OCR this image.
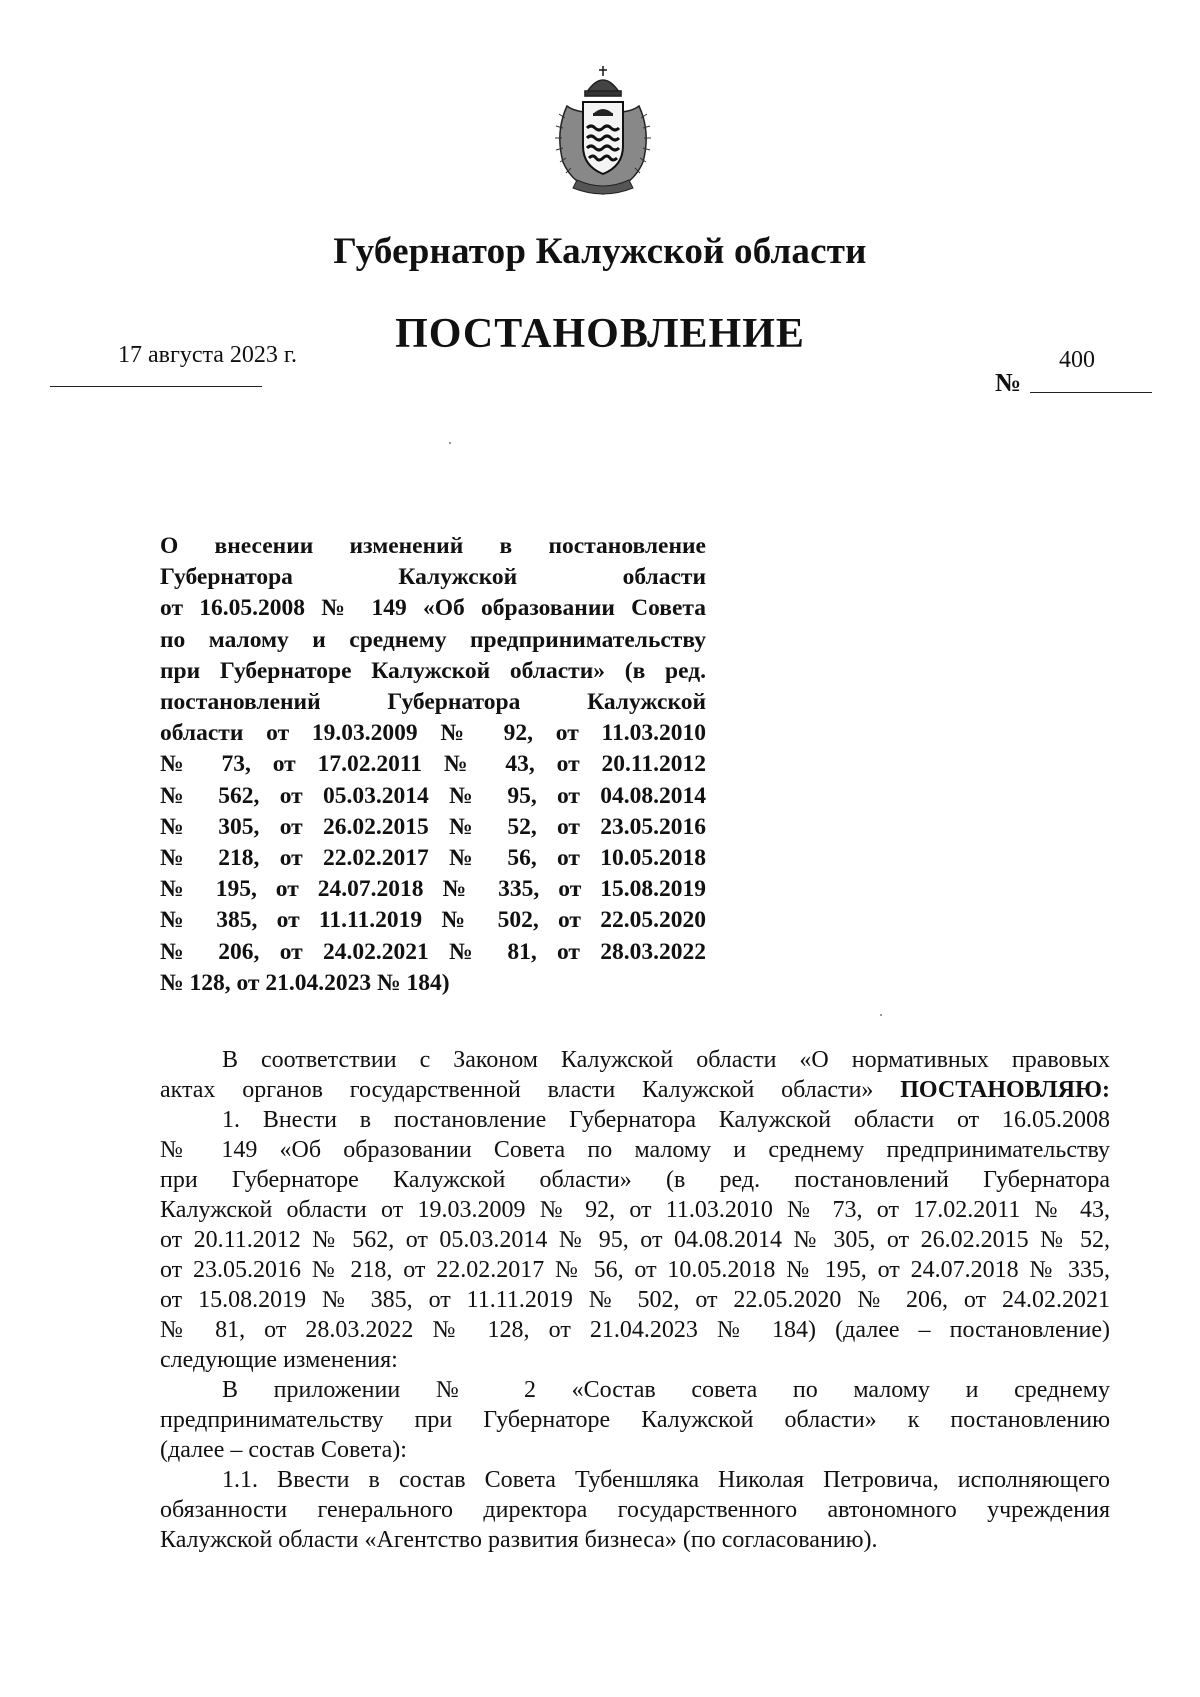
Губернатор Калужской области
ПОСТАНОВЛЕНИЕ
17 августа 2023 г.	400
№
О внесении изменений в постановление
Губернатора Калужской области
от 16.05.2008 № 149 «Об образовании Совета
по малому и среднему предпринимательству
при Губернаторе Калужской области» (в ред.
постановлений Губернатора Калужской
области от 19.03.2009 № 92, от 11.03.2010
№ 73, от 17.02.2011 № 43, от 20.11.2012
№ 562, от 05.03.2014 № 95, от 04.08.2014
№ 305, от 26.02.2015 № 52, от 23.05.2016
№ 218, от 22.02.2017 № 56, от 10.05.2018
№ 195, от 24.07.2018 № 335, от 15.08.2019
№ 385, от 11.11.2019 № 502, от 22.05.2020
№ 206, от 24.02.2021 № 81, от 28.03.2022
№ 128, от 21.04.2023 № 184)
В соответствии с Законом Калужской области «О нормативных правовых
актах органов государственной власти Калужской области» ПОСТАНОВЛЯЮ:
1. Внести в постановление Губернатора Калужской области от 16.05.2008
№ 149 «Об образовании Совета по малому и среднему предпринимательству
при Губернаторе Калужской области» (в ред. постановлений Губернатора
Калужской области от 19.03.2009 № 92, от 11.03.2010 № 73, от 17.02.2011 № 43,
от 20.11.2012 № 562, от 05.03.2014 № 95, от 04.08.2014 № 305, от 26.02.2015 № 52,
от 23.05.2016 № 218, от 22.02.2017 № 56, от 10.05.2018 № 195, от 24.07.2018 № 335,
от 15.08.2019 № 385, от 11.11.2019 № 502, от 22.05.2020 № 206, от 24.02.2021
№ 81, от 28.03.2022 № 128, от 21.04.2023 № 184) (далее – постановление)
следующие изменения:
В приложении № 2 «Состав совета по малому и среднему
предпринимательству при Губернаторе Калужской области» к постановлению
(далее – состав Совета):
1.1. Ввести в состав Совета Тубеншляка Николая Петровича, исполняющего
обязанности генерального директора государственного автономного учреждения
Калужской области «Агентство развития бизнеса» (по согласованию).
